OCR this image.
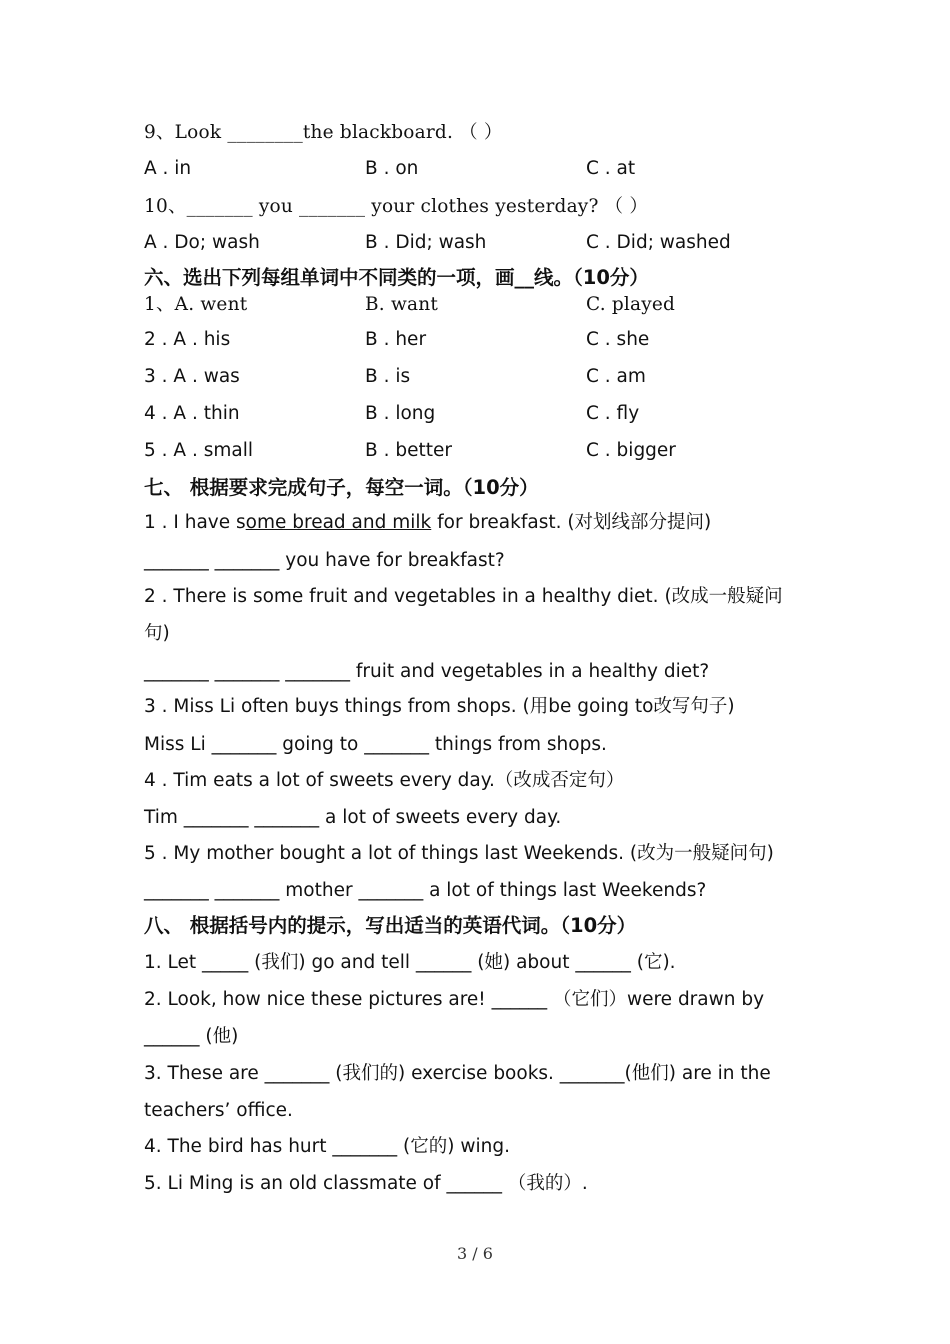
9、Look ________the blackboard. （ ）
A . in	B . on	C . at
10、_______ you _______ your clothes yesterday? （ ）
A . Do; wash	B . Did; wash	C . Did; washed
六、选出下列每组单词中不同类的一项，画__线。（10分）
1、A. went	B. want	C. played
2 . A . his	B . her	C . she
3 . A . was	B . is	C . am
4 . A . thin	B . long	C . fly
5 . A . small	B . better	C . bigger
七、 根据要求完成句子，每空一词。（10分）
1 . I have some bread and milk for breakfast. (对划线部分提问)
_______ _______ you have for breakfast?
2 . There is some fruit and vegetables in a healthy diet. (改成一般疑问
句)
_______ _______ _______ fruit and vegetables in a healthy diet?
3 . Miss Li often buys things from shops. (用be going to改写句子)
Miss Li _______ going to _______ things from shops.
4 . Tim eats a lot of sweets every day.（改成否定句）
Tim _______ _______ a lot of sweets every day.
5 . My mother bought a lot of things last Weekends. (改为一般疑问句)
_______ _______ mother _______ a lot of things last Weekends?
八、 根据括号内的提示，写出适当的英语代词。（10分）
1. Let _____ (我们) go and tell ______ (她) about ______ (它).
2. Look, how nice these pictures are! ______ （它们）were drawn by
______ (他)
3. These are _______ (我们的) exercise books. _______(他们) are in the
teachers’ office.
4. The bird has hurt _______ (它的) wing.
5. Li Ming is an old classmate of ______ （我的）.
3 / 6
